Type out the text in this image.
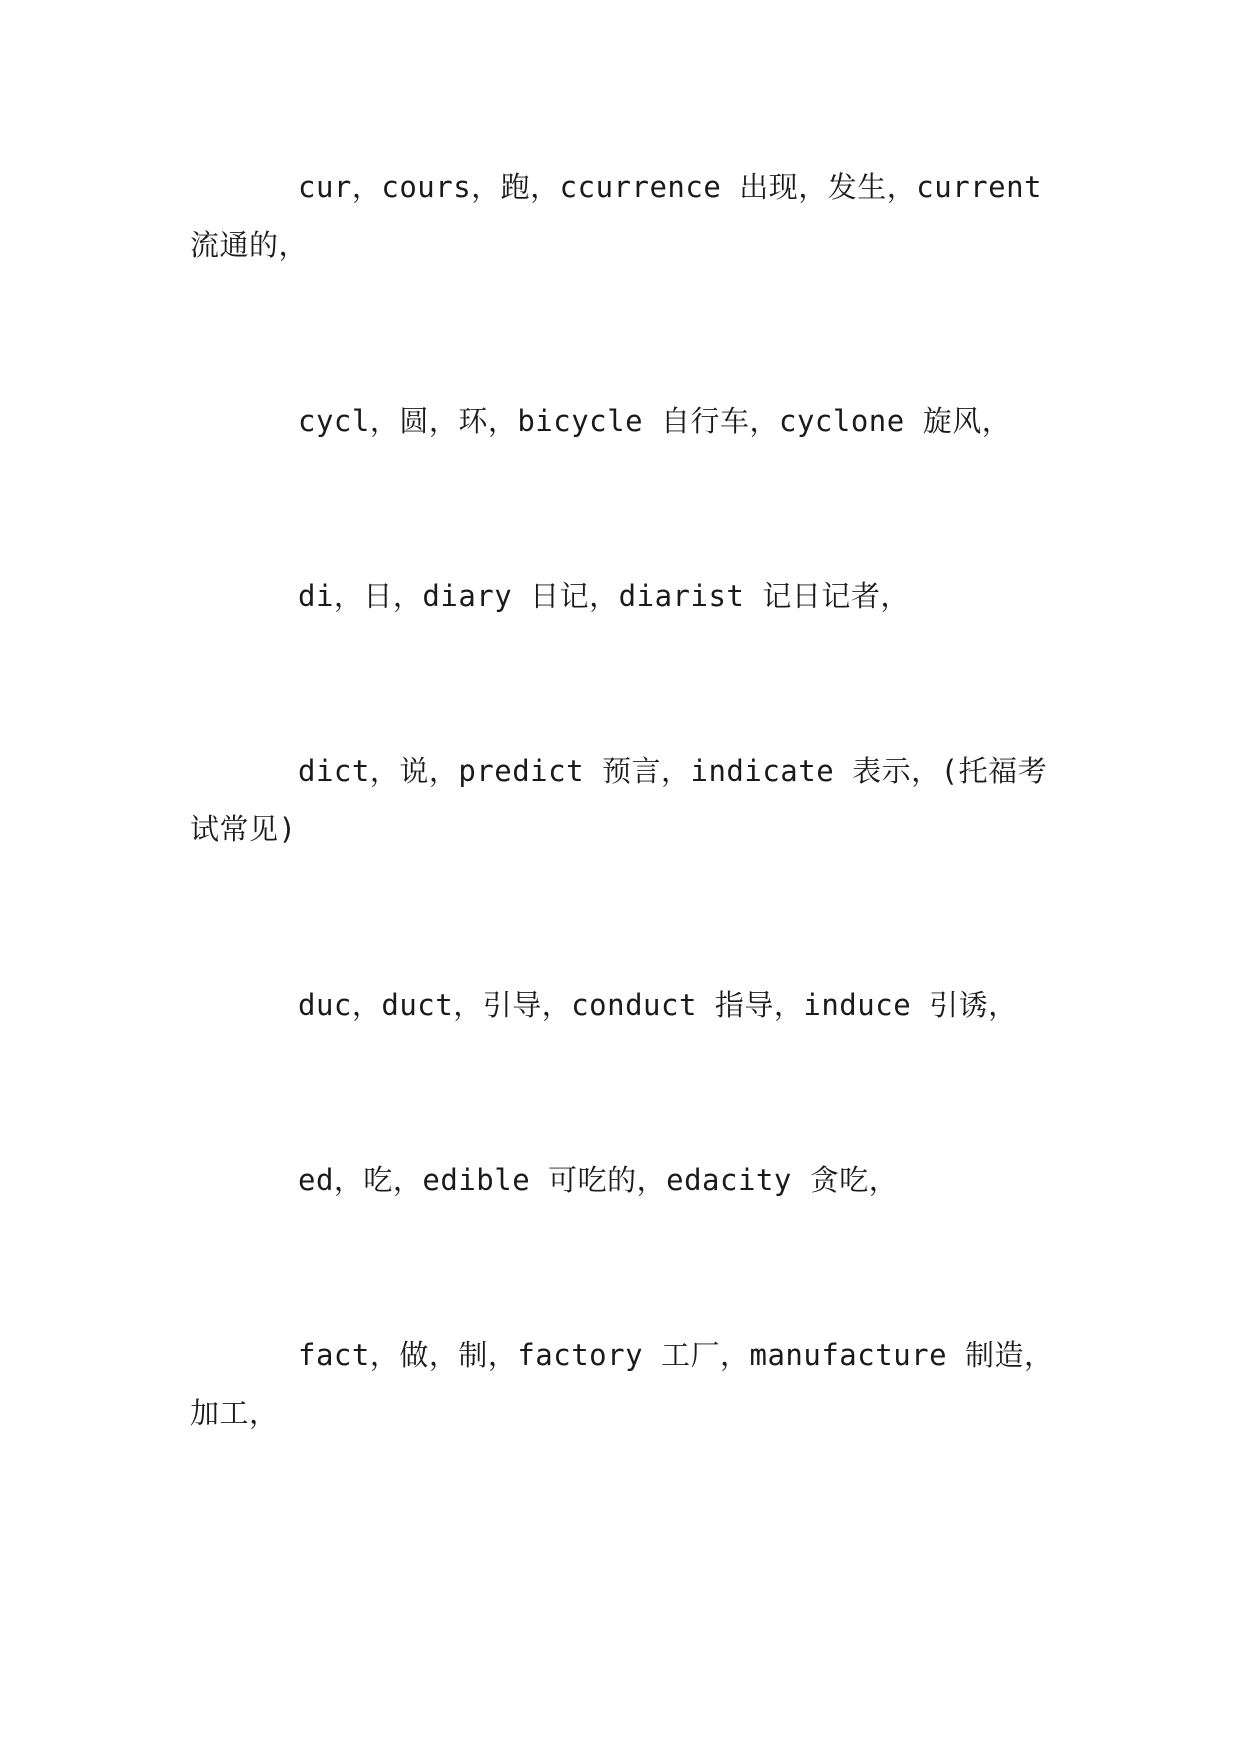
cur，cours，跑，ccurrence 出现，发生，current 流通的，

cycl，圆，环，bicycle 自行车，cyclone 旋风，

di，日，diary 日记，diarist 记日记者，

dict，说，predict 预言，indicate 表示，(托福考试常见)

duc，duct，引导，conduct 指导，induce 引诱，

ed，吃，edible 可吃的，edacity 贪吃，

fact，做，制，factory 工厂，manufacture 制造，加工，
